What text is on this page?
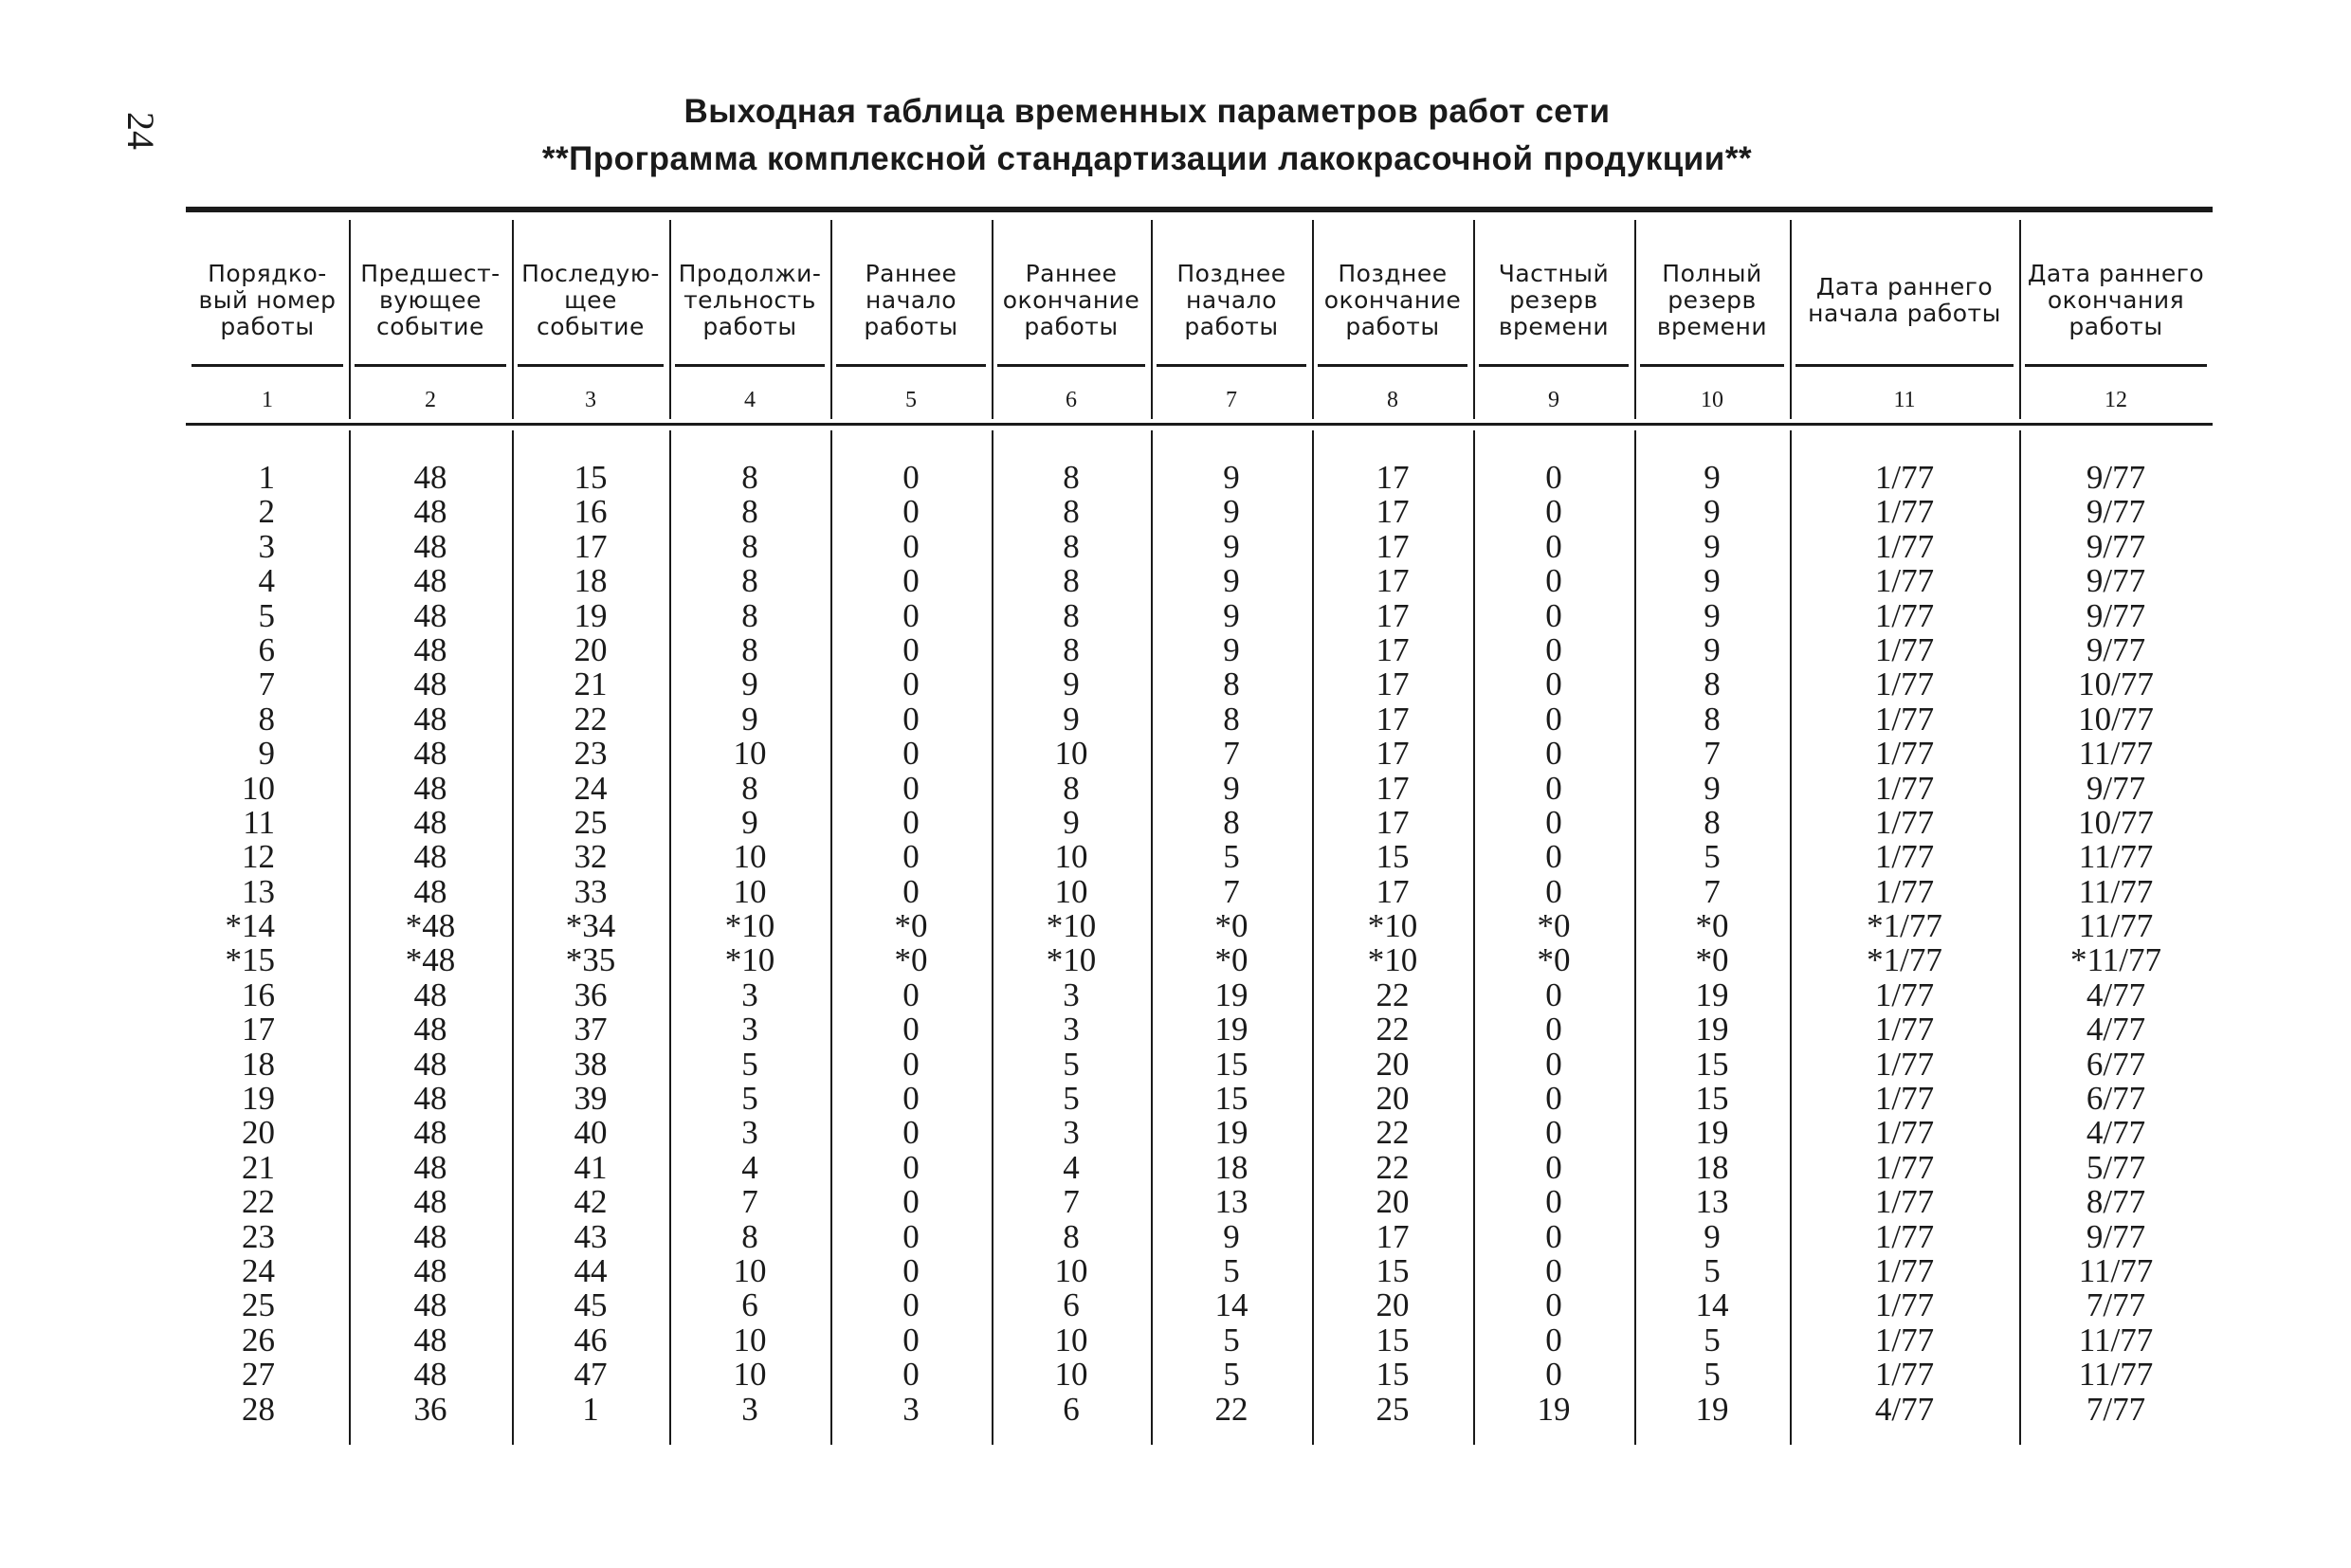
24
Выходная таблица временных параметров работ сети
**Программа комплексной стандартизации лакокрасочной продукции**
Порядко-
вый номер
работы
1
1
2
3
4
5
6
7
8
9
10
11
12
13
*14
*15
16
17
18
19
20
21
22
23
24
25
26
27
28
Предшест-
вующее
событие
2
48
48
48
48
48
48
48
48
48
48
48
48
48
*48
*48
48
48
48
48
48
48
48
48
48
48
48
48
36
Последую-
щее
событие
3
15
16
17
18
19
20
21
22
23
24
25
32
33
*34
*35
36
37
38
39
40
41
42
43
44
45
46
47
1
Продолжи-
тельность
работы
4
8
8
8
8
8
8
9
9
10
8
9
10
10
*10
*10
3
3
5
5
3
4
7
8
10
6
10
10
3
Раннее
начало
работы
5
0
0
0
0
0
0
0
0
0
0
0
0
0
*0
*0
0
0
0
0
0
0
0
0
0
0
0
0
3
Раннее
окончание
работы
6
8
8
8
8
8
8
9
9
10
8
9
10
10
*10
*10
3
3
5
5
3
4
7
8
10
6
10
10
6
Позднее
начало
работы
7
9
9
9
9
9
9
8
8
7
9
8
5
7
*0
*0
19
19
15
15
19
18
13
9
5
14
5
5
22
Позднее
окончание
работы
8
17
17
17
17
17
17
17
17
17
17
17
15
17
*10
*10
22
22
20
20
22
22
20
17
15
20
15
15
25
Частный
резерв
времени
9
0
0
0
0
0
0
0
0
0
0
0
0
0
*0
*0
0
0
0
0
0
0
0
0
0
0
0
0
19
Полный
резерв
времени
10
9
9
9
9
9
9
8
8
7
9
8
5
7
*0
*0
19
19
15
15
19
18
13
9
5
14
5
5
19
Дата раннего
начала работы
11
1/77
1/77
1/77
1/77
1/77
1/77
1/77
1/77
1/77
1/77
1/77
1/77
1/77
*1/77
*1/77
1/77
1/77
1/77
1/77
1/77
1/77
1/77
1/77
1/77
1/77
1/77
1/77
4/77
Дата раннего
окончания
работы
12
9/77
9/77
9/77
9/77
9/77
9/77
10/77
10/77
11/77
9/77
10/77
11/77
11/77
11/77
*11/77
4/77
4/77
6/77
6/77
4/77
5/77
8/77
9/77
11/77
7/77
11/77
11/77
7/77
